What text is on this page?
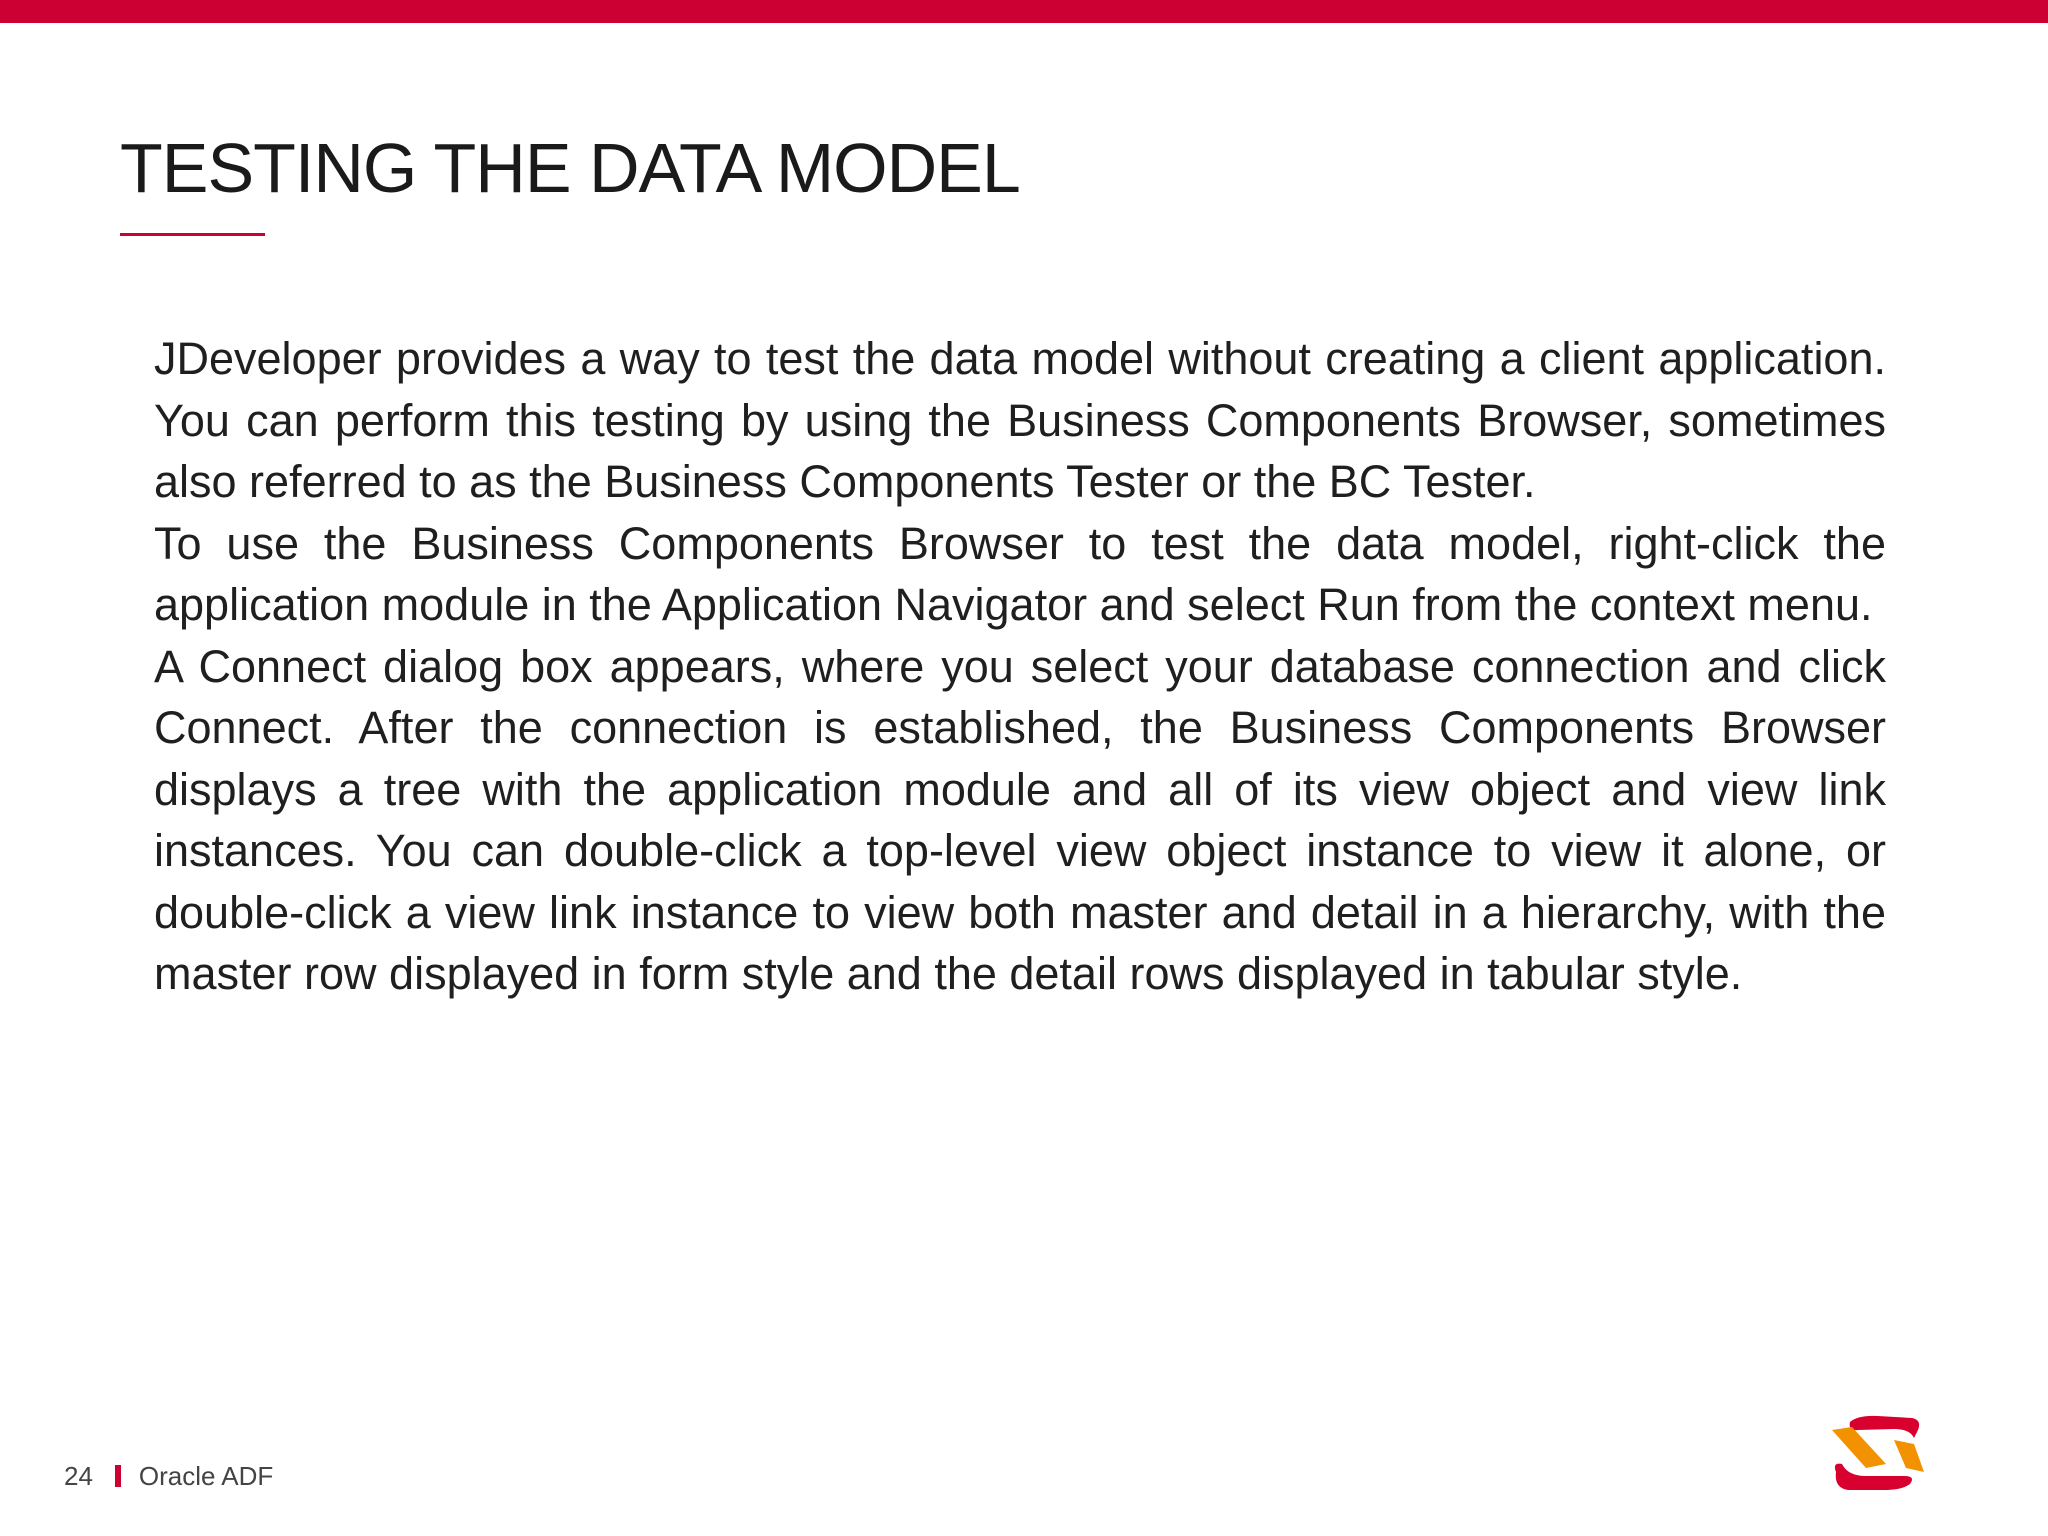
TESTING THE DATA MODEL

JDeveloper provides a way to test the data model without creating a client application. You can perform this testing by using the Business Components Browser, sometimes also referred to as the Business Components Tester or the BC Tester.

To use the Business Components Browser to test the data model, right-click the application module in the Application Navigator and select Run from the context menu.

A Connect dialog box appears, where you select your database connection and click Connect. After the connection is established, the Business Components Browser displays a tree with the application module and all of its view object and view link instances. You can double-click a top-level view object instance to view it alone, or double-click a view link instance to view both master and detail in a hierarchy, with the master row displayed in form style and the detail rows displayed in tabular style.

24 Oracle ADF
